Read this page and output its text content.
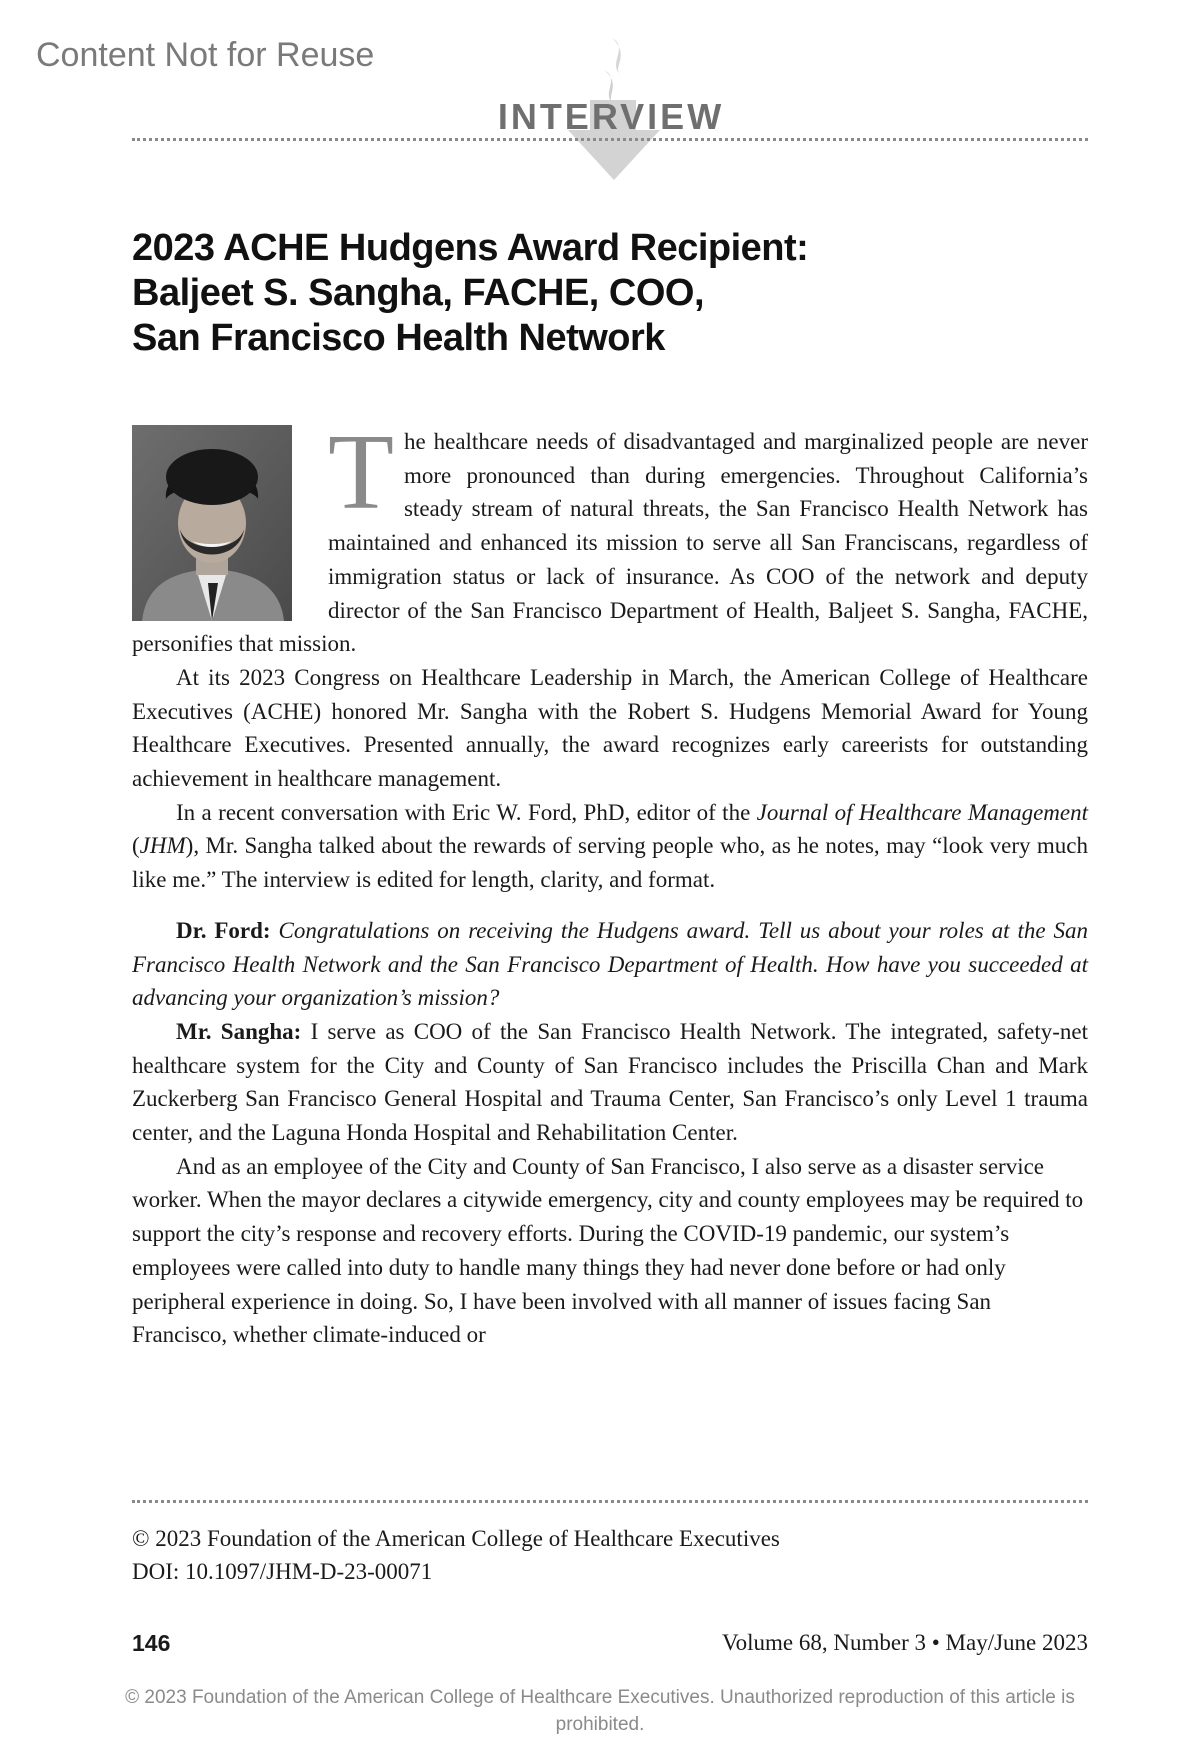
Content Not for Reuse
INTERVIEW
2023 ACHE Hudgens Award Recipient:
Baljeet S. Sangha, FACHE, COO,
San Francisco Health Network

The healthcare needs of disadvantaged and marginalized people are never more pronounced than during emergencies. Throughout California’s steady stream of natural threats, the San Francisco Health Network has maintained and enhanced its mission to serve all San Franciscans, regardless of immigration status or lack of insurance. As COO of the network and deputy director of the San Francisco Department of Health, Baljeet S. Sangha, FACHE, personifies that mission.

At its 2023 Congress on Healthcare Leadership in March, the American College of Healthcare Executives (ACHE) honored Mr. Sangha with the Robert S. Hudgens Memorial Award for Young Healthcare Executives. Presented annually, the award recognizes early careerists for outstanding achievement in healthcare management.

In a recent conversation with Eric W. Ford, PhD, editor of the Journal of Healthcare Management (JHM), Mr. Sangha talked about the rewards of serving people who, as he notes, may “look very much like me.” The interview is edited for length, clarity, and format.

Dr. Ford: Congratulations on receiving the Hudgens award. Tell us about your roles at the San Francisco Health Network and the San Francisco Department of Health. How have you succeeded at advancing your organization’s mission?

Mr. Sangha: I serve as COO of the San Francisco Health Network. The integrated, safety-net healthcare system for the City and County of San Francisco includes the Priscilla Chan and Mark Zuckerberg San Francisco General Hospital and Trauma Center, San Francisco’s only Level 1 trauma center, and the Laguna Honda Hospital and Rehabilitation Center.

And as an employee of the City and County of San Francisco, I also serve as a disaster service worker. When the mayor declares a citywide emergency, city and county employees may be required to support the city’s response and recovery efforts. During the COVID-19 pandemic, our system’s employees were called into duty to handle many things they had never done before or had only peripheral experience in doing. So, I have been involved with all manner of issues facing San Francisco, whether climate-induced or

© 2023 Foundation of the American College of Healthcare Executives
DOI: 10.1097/JHM-D-23-00071
146	Volume 68, Number 3 • May/June 2023
© 2023 Foundation of the American College of Healthcare Executives. Unauthorized reproduction of this article is prohibited.
